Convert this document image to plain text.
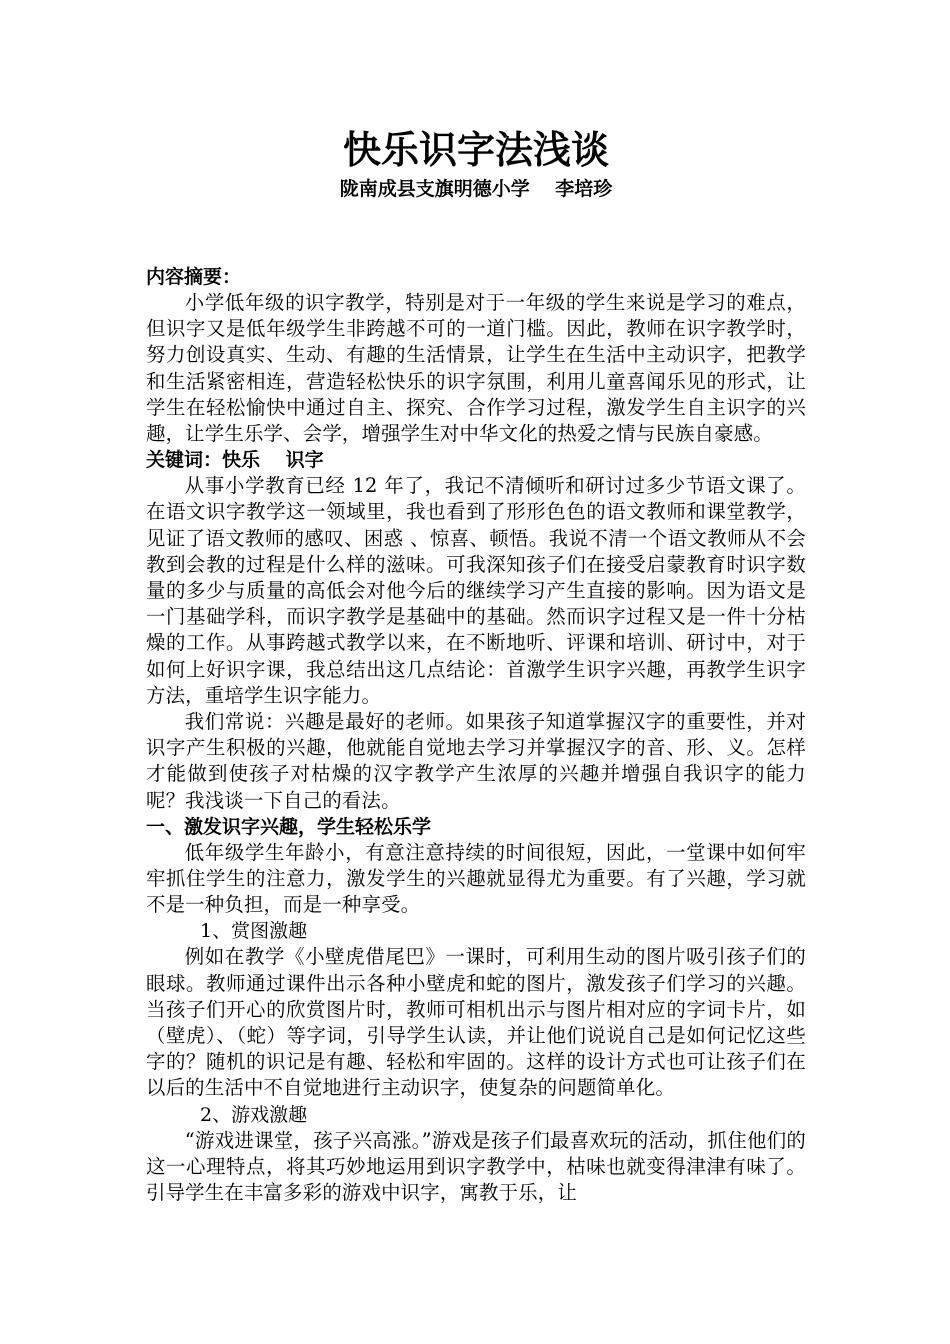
快乐识字法浅谈

陇南成县支旗明德小学　 李培珍

内容摘要：

小学低年级的识字教学，特别是对于一年级的学生来说是学习的难点，但识字又是低年级学生非跨越不可的一道门槛。因此，教师在识字教学时，努力创设真实、生动、有趣的生活情景，让学生在生活中主动识字，把教学和生活紧密相连，营造轻松快乐的识字氛围，利用儿童喜闻乐见的形式，让学生在轻松愉快中通过自主、探究、合作学习过程，激发学生自主识字的兴趣，让学生乐学、会学，增强学生对中华文化的热爱之情与民族自豪感。

关键词：快乐　 识字

从事小学教育已经 12 年了，我记不清倾听和研讨过多少节语文课了。在语文识字教学这一领域里，我也看到了形形色色的语文教师和课堂教学，见证了语文教师的感叹、困惑 、惊喜、顿悟。我说不清一个语文教师从不会教到会教的过程是什么样的滋味。可我深知孩子们在接受启蒙教育时识字数量的多少与质量的高低会对他今后的继续学习产生直接的影响。因为语文是一门基础学科，而识字教学是基础中的基础。然而识字过程又是一件十分枯燥的工作。从事跨越式教学以来，在不断地听、评课和培训、研讨中，对于如何上好识字课，我总结出这几点结论：首激学生识字兴趣，再教学生识字方法，重培学生识字能力。

我们常说：兴趣是最好的老师。如果孩子知道掌握汉字的重要性，并对识字产生积极的兴趣，他就能自觉地去学习并掌握汉字的音、形、义。怎样才能做到使孩子对枯燥的汉字教学产生浓厚的兴趣并增强自我识字的能力呢？我浅谈一下自己的看法。

一、激发识字兴趣，学生轻松乐学

低年级学生年龄小，有意注意持续的时间很短，因此，一堂课中如何牢牢抓住学生的注意力，激发学生的兴趣就显得尤为重要。有了兴趣，学习就不是一种负担，而是一种享受。

1、赏图激趣

例如在教学《小壁虎借尾巴》一课时，可利用生动的图片吸引孩子们的眼球。教师通过课件出示各种小壁虎和蛇的图片，激发孩子们学习的兴趣。当孩子们开心的欣赏图片时，教师可相机出示与图片相对应的字词卡片，如（壁虎）、（蛇）等字词，引导学生认读，并让他们说说自己是如何记忆这些字的？随机的识记是有趣、轻松和牢固的。这样的设计方式也可让孩子们在以后的生活中不自觉地进行主动识字，使复杂的问题简单化。

2、游戏激趣

“游戏进课堂，孩子兴高涨。”游戏是孩子们最喜欢玩的活动，抓住他们的这一心理特点，将其巧妙地运用到识字教学中，枯味也就变得津津有味了。引导学生在丰富多彩的游戏中识字，寓教于乐，让
